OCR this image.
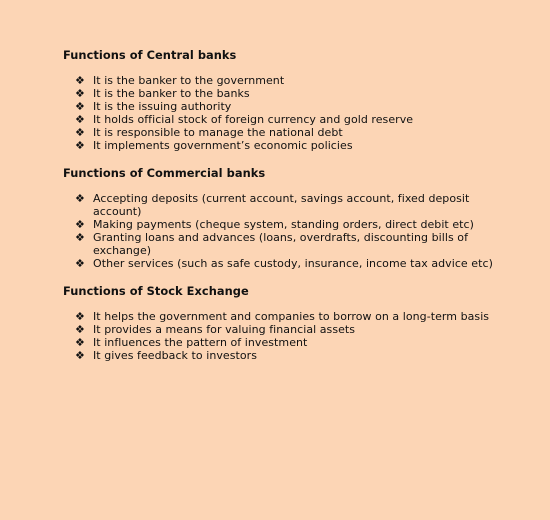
Functions of Central banks
❖ It is the banker to the government
❖ It is the banker to the banks
❖ It is the issuing authority
❖ It holds official stock of foreign currency and gold reserve
❖ It is responsible to manage the national debt
❖ It implements government’s economic policies
Functions of Commercial banks
❖ Accepting deposits (current account, savings account, fixed deposit account)
❖ Making payments (cheque system, standing orders, direct debit etc)
❖ Granting loans and advances (loans, overdrafts, discounting bills of exchange)
❖ Other services (such as safe custody, insurance, income tax advice etc)
Functions of Stock Exchange
❖ It helps the government and companies to borrow on a long-term basis
❖ It provides a means for valuing financial assets
❖ It influences the pattern of investment
❖ It gives feedback to investors
